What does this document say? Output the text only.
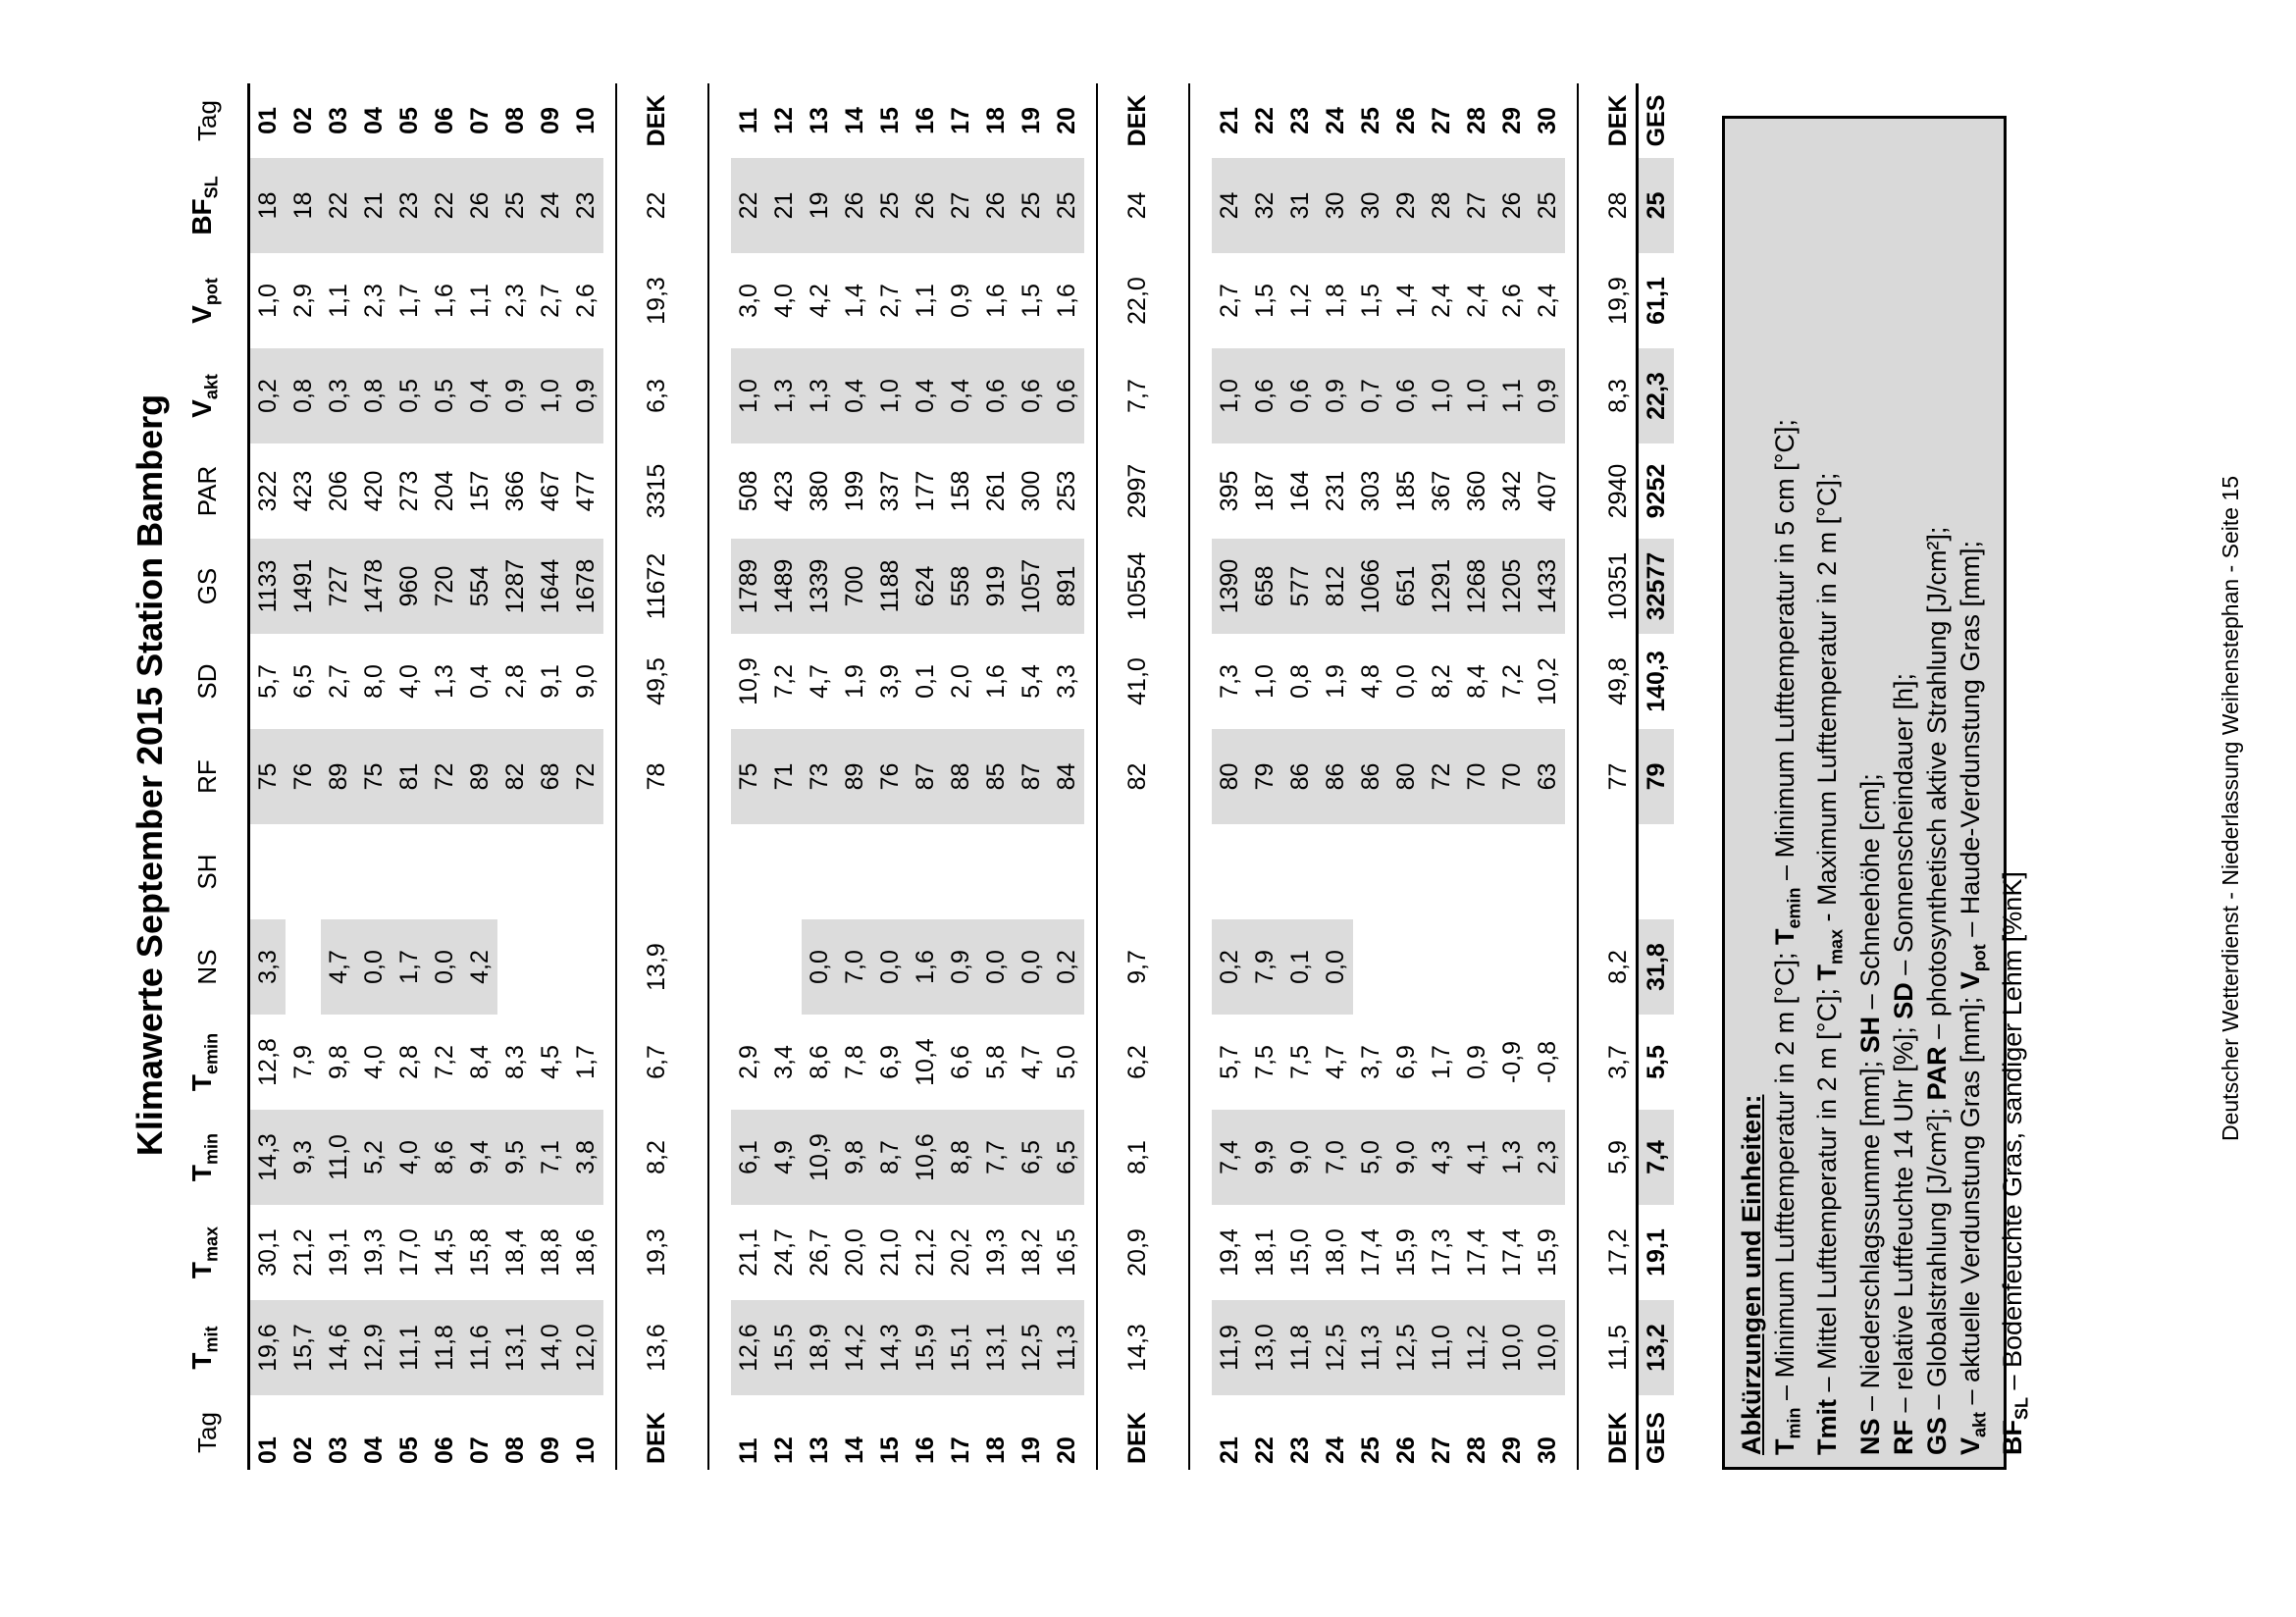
Klimawerte September 2015 Station Bamberg
Tag	$T_{mit}$	$T_{max}$	$T_{min}$	$T_{emin}$	NS	SH	RF	SD	GS	PAR	$V_{akt}$	$V_{pot}$	$BF_{SL}$	Tag
01	19,6	30,1	14,3	12,8	3,3		75	5,7	1133	322	0,2	1,0	18	01
02	15,7	21,2	9,3	7,9			76	6,5	1491	423	0,8	2,9	18	02
03	14,6	19,1	11,0	9,8	4,7		89	2,7	727	206	0,3	1,1	22	03
04	12,9	19,3	5,2	4,0	0,0		75	8,0	1478	420	0,8	2,3	21	04
05	11,1	17,0	4,0	2,8	1,7		81	4,0	960	273	0,5	1,7	23	05
06	11,8	14,5	8,6	7,2	0,0		72	1,3	720	204	0,5	1,6	22	06
07	11,6	15,8	9,4	8,4	4,2		89	0,4	554	157	0,4	1,1	26	07
08	13,1	18,4	9,5	8,3			82	2,8	1287	366	0,9	2,3	25	08
09	14,0	18,8	7,1	4,5			68	9,1	1644	467	1,0	2,7	24	09
10	12,0	18,6	3,8	1,7			72	9,0	1678	477	0,9	2,6	23	10

DEK	13,6	19,3	8,2	6,7	13,9		78	49,5	11672	3315	6,3	19,3	22	DEK

11	12,6	21,1	6,1	2,9			75	10,9	1789	508	1,0	3,0	22	11
12	15,5	24,7	4,9	3,4			71	7,2	1489	423	1,3	4,0	21	12
13	18,9	26,7	10,9	8,6	0,0		73	4,7	1339	380	1,3	4,2	19	13
14	14,2	20,0	9,8	7,8	7,0		89	1,9	700	199	0,4	1,4	26	14
15	14,3	21,0	8,7	6,9	0,0		76	3,9	1188	337	1,0	2,7	25	15
16	15,9	21,2	10,6	10,4	1,6		87	0,1	624	177	0,4	1,1	26	16
17	15,1	20,2	8,8	6,6	0,9		88	2,0	558	158	0,4	0,9	27	17
18	13,1	19,3	7,7	5,8	0,0		85	1,6	919	261	0,6	1,6	26	18
19	12,5	18,2	6,5	4,7	0,0		87	5,4	1057	300	0,6	1,5	25	19
20	11,3	16,5	6,5	5,0	0,2		84	3,3	891	253	0,6	1,6	25	20

DEK	14,3	20,9	8,1	6,2	9,7		82	41,0	10554	2997	7,7	22,0	24	DEK

21	11,9	19,4	7,4	5,7	0,2		80	7,3	1390	395	1,0	2,7	24	21
22	13,0	18,1	9,9	7,5	7,9		79	1,0	658	187	0,6	1,5	32	22
23	11,8	15,0	9,0	7,5	0,1		86	0,8	577	164	0,6	1,2	31	23
24	12,5	18,0	7,0	4,7	0,0		86	1,9	812	231	0,9	1,8	30	24
25	11,3	17,4	5,0	3,7			86	4,8	1066	303	0,7	1,5	30	25
26	12,5	15,9	9,0	6,9			80	0,0	651	185	0,6	1,4	29	26
27	11,0	17,3	4,3	1,7			72	8,2	1291	367	1,0	2,4	28	27
28	11,2	17,4	4,1	0,9			70	8,4	1268	360	1,0	2,4	27	28
29	10,0	17,4	1,3	-0,9			70	7,2	1205	342	1,1	2,6	26	29
30	10,0	15,9	2,3	-0,8			63	10,2	1433	407	0,9	2,4	25	30

DEK	11,5	17,2	5,9	3,7	8,2		77	49,8	10351	2940	8,3	19,9	28	DEK
GES	13,2	19,1	7,4	5,5	31,8		79	140,3	32577	9252	22,3	61,1	25	GES
Abkürzungen und Einheiten: $T_{min}$ – Minimum Lufttemperatur in 2 m [°C]; $T_{emin}$ – Minimum Lufttemperatur in 5 cm [°C];
Tmit – Mittel Lufttemperatur in 2 m [°C]; $T_{max}$ - Maximum Lufttemperatur in 2 m [°C];
NS – Niederschlagssumme [mm]; SH – Schneehöhe [cm];
RF – relative Luftfeuchte 14 Uhr [%]; SD – Sonnenscheindauer [h];
GS – Globalstrahlung [J/cm²]; PAR – photosynthetisch aktive Strahlung [J/cm²];
$V_{akt}$ – aktuelle Verdunstung Gras [mm]; $V_{pot}$ – Haude-Verdunstung Gras [mm];
$BF_{SL}$ – Bodenfeuchte Gras, sandiger Lehm [%nK]	Deutscher Wetterdienst - Niederlassung Weihenstephan - Seite 15
